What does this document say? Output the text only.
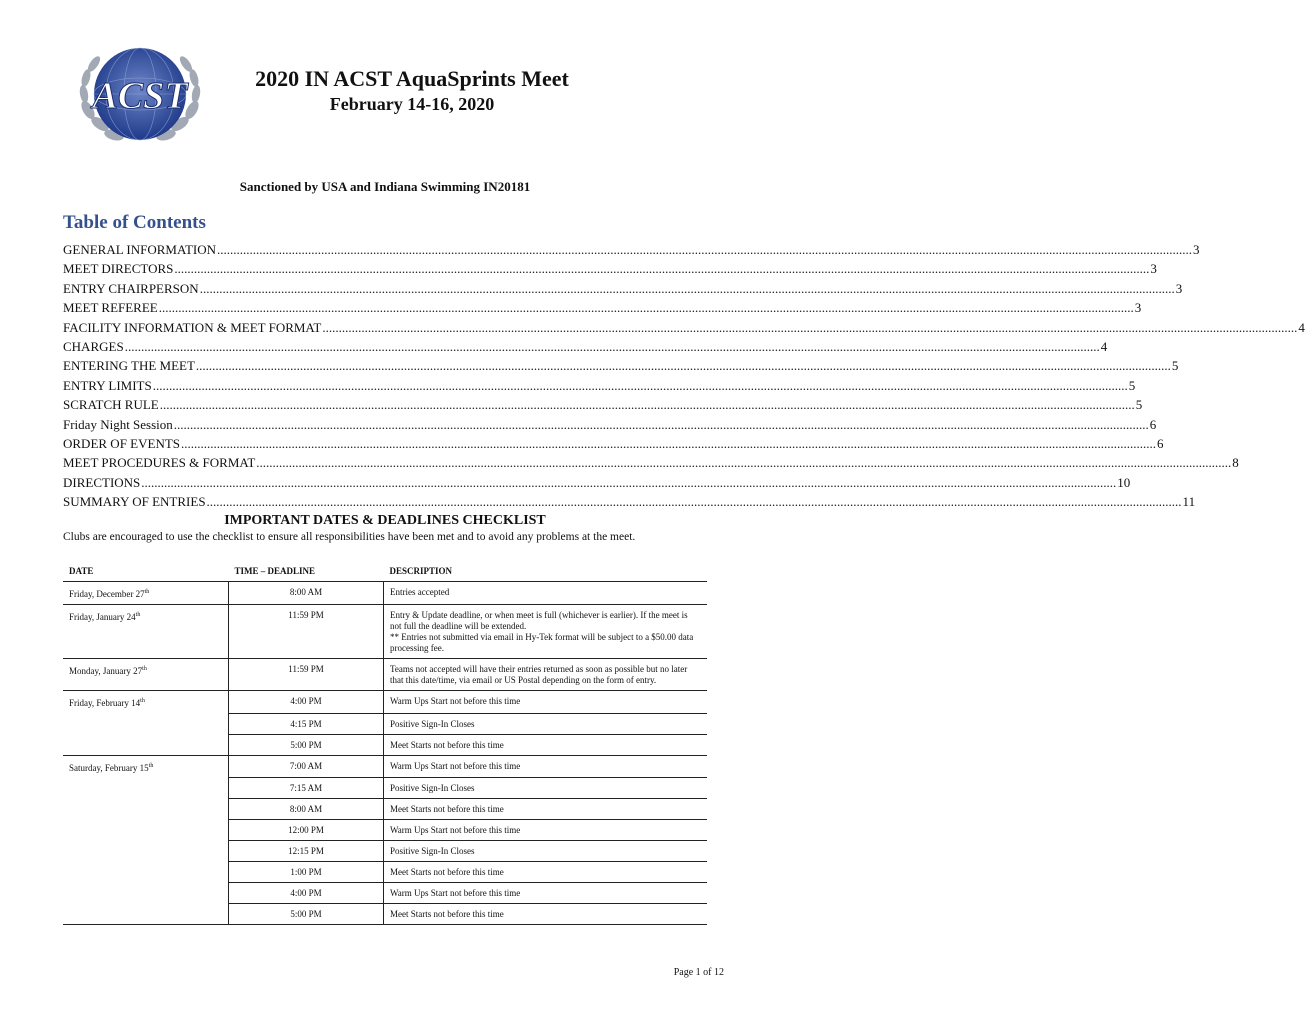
ACST	2020 IN ACST AquaSprints Meet
February 14-16, 2020
Sanctioned by USA and Indiana Swimming IN20181
Table of Contents
GENERAL INFORMATION ............................................................................................................................................................................................................................................................................................................ 3
MEET DIRECTORS ............................................................................................................................................................................................................................................................................................................ 3
ENTRY CHAIRPERSON ............................................................................................................................................................................................................................................................................................................ 3
MEET REFEREE ............................................................................................................................................................................................................................................................................................................ 3
FACILITY INFORMATION & MEET FORMAT ............................................................................................................................................................................................................................................................................................................ 4
CHARGES ............................................................................................................................................................................................................................................................................................................ 4
ENTERING THE MEET ............................................................................................................................................................................................................................................................................................................ 5
ENTRY LIMITS ............................................................................................................................................................................................................................................................................................................ 5
SCRATCH RULE ............................................................................................................................................................................................................................................................................................................ 5
Friday Night Session ............................................................................................................................................................................................................................................................................................................ 6
ORDER OF EVENTS ............................................................................................................................................................................................................................................................................................................ 6
MEET PROCEDURES & FORMAT ............................................................................................................................................................................................................................................................................................................ 8
DIRECTIONS ............................................................................................................................................................................................................................................................................................................ 10
SUMMARY OF ENTRIES ............................................................................................................................................................................................................................................................................................................ 11
IMPORTANT DATES & DEADLINES CHECKLIST
Clubs are encouraged to use the checklist to ensure all responsibilities have been met and to avoid any problems at the meet.
DATE	TIME – DEADLINE	DESCRIPTION
Friday, December 27th	8:00 AM	Entries accepted
Friday, January 24th	11:59 PM	Entry & Update deadline, or when meet is full (whichever is earlier). If the meet is not full the deadline will be extended.
** Entries not submitted via email in Hy-Tek format will be subject to a $50.00 data processing fee.
Monday, January 27th	11:59 PM	Teams not accepted will have their entries returned as soon as possible but no later that this date/time, via email or US Postal depending on the form of entry.
Friday, February 14th	4:00 PM	Warm Ups Start not before this time
	4:15 PM	Positive Sign-In Closes
	5:00 PM	Meet Starts not before this time
Saturday, February 15th	7:00 AM	Warm Ups Start not before this time
	7:15 AM	Positive Sign-In Closes
	8:00 AM	Meet Starts not before this time
	12:00 PM	Warm Ups Start not before this time
	12:15 PM	Positive Sign-In Closes
	1:00 PM	Meet Starts not before this time
	4:00 PM	Warm Ups Start not before this time
	5:00 PM	Meet Starts not before this time
Page 1 of 12
